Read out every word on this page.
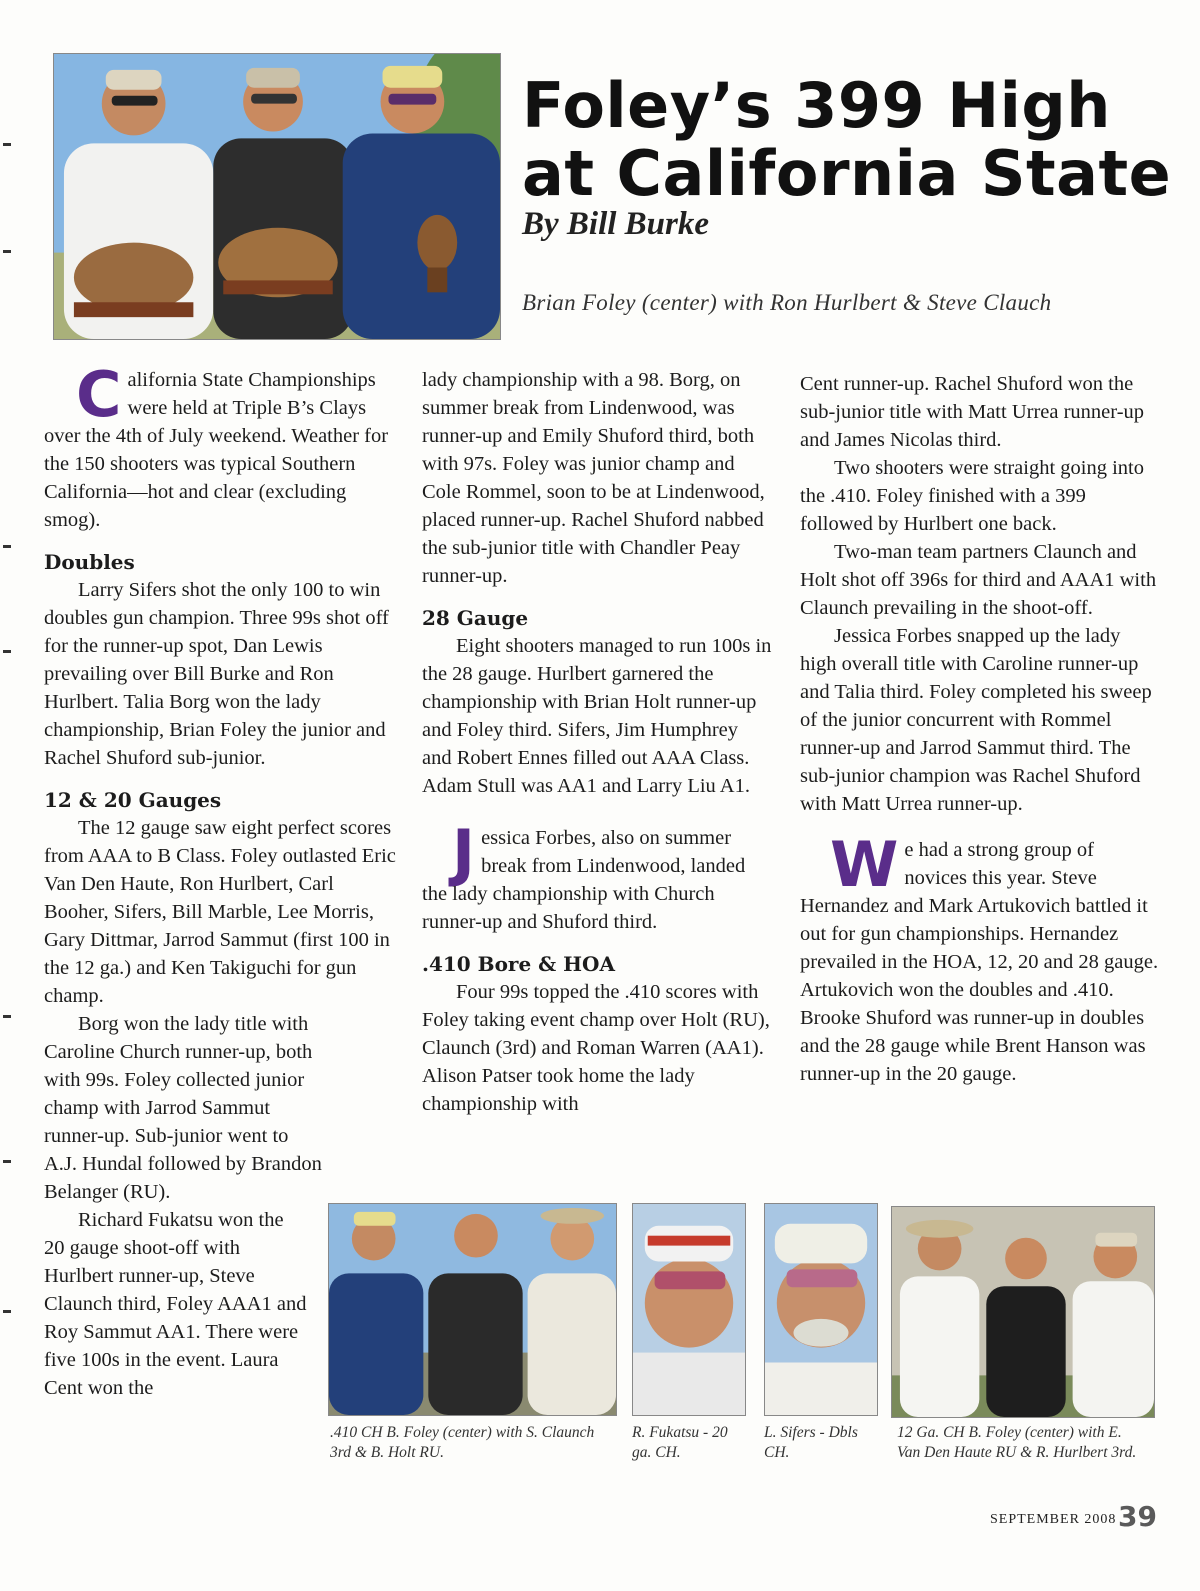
Foley’s 399 High
at California State
By Bill Burke
Brian Foley (center) with Ron Hurlbert & Steve Clauch

C alifornia State Championships were held at Triple B’s Clays over the 4th of July weekend. Weather for the 150 shooters was typical Southern California—hot and clear (excluding smog).

Doubles

Larry Sifers shot the only 100 to win doubles gun champion. Three 99s shot off for the runner-up spot, Dan Lewis prevailing over Bill Burke and Ron Hurlbert. Talia Borg won the lady championship, Brian Foley the junior and Rachel Shuford sub-junior.

12 & 20 Gauges

The 12 gauge saw eight perfect scores from AAA to B Class. Foley outlasted Eric Van Den Haute, Ron Hurlbert, Carl Booher, Sifers, Bill Marble, Lee Morris, Gary Dittmar, Jarrod Sammut (first 100 in the 12 ga.) and Ken Takiguchi for gun champ.

Borg won the lady title with Caroline Church runner-up, both with 99s. Foley collected junior champ with Jarrod Sammut runner-up. Sub-junior went to A.J. Hundal followed by Brandon Belanger (RU).

Richard Fukatsu won the 20 gauge shoot-off with Hurlbert runner-up, Steve Claunch third, Foley AAA1 and Roy Sammut AA1. There were five 100s in the event. Laura Cent won the

lady championship with a 98. Borg, on summer break from Lindenwood, was runner-up and Emily Shuford third, both with 97s. Foley was junior champ and Cole Rommel, soon to be at Lindenwood, placed runner-up. Rachel Shuford nabbed the sub-junior title with Chandler Peay runner-up.

28 Gauge

Eight shooters managed to run 100s in the 28 gauge. Hurlbert garnered the championship with Brian Holt runner-up and Foley third. Sifers, Jim Humphrey and Robert Ennes filled out AAA Class. Adam Stull was AA1 and Larry Liu A1.

J essica Forbes, also on summer break from Lindenwood, landed the lady championship with Church runner-up and Shuford third.

.410 Bore & HOA

Four 99s topped the .410 scores with Foley taking event champ over Holt (RU), Claunch (3rd) and Roman Warren (AA1). Alison Patser took home the lady championship with

Cent runner-up. Rachel Shuford won the sub-junior title with Matt Urrea runner-up and James Nicolas third.

Two shooters were straight going into the .410. Foley finished with a 399 followed by Hurlbert one back.

Two-man team partners Claunch and Holt shot off 396s for third and AAA1 with Claunch prevailing in the shoot-off.

Jessica Forbes snapped up the lady high overall title with Caroline runner-up and Talia third. Foley completed his sweep of the junior concurrent with Rommel runner-up and Jarrod Sammut third. The sub-junior champion was Rachel Shuford with Matt Urrea runner-up.

W e had a strong group of novices this year. Steve Hernandez and Mark Artukovich battled it out for gun championships. Hernandez prevailed in the HOA, 12, 20 and 28 gauge. Artukovich won the doubles and .410. Brooke Shuford was runner-up in doubles and the 28 gauge while Brent Hanson was runner-up in the 20 gauge.

.410 CH B. Foley (center) with S. Claunch 3rd & B. Holt RU.
R. Fukatsu - 20 ga. CH.
L. Sifers - Dbls CH.
12 Ga. CH B. Foley (center) with E. Van Den Haute RU & R. Hurlbert 3rd.
SEPTEMBER 2008 39
